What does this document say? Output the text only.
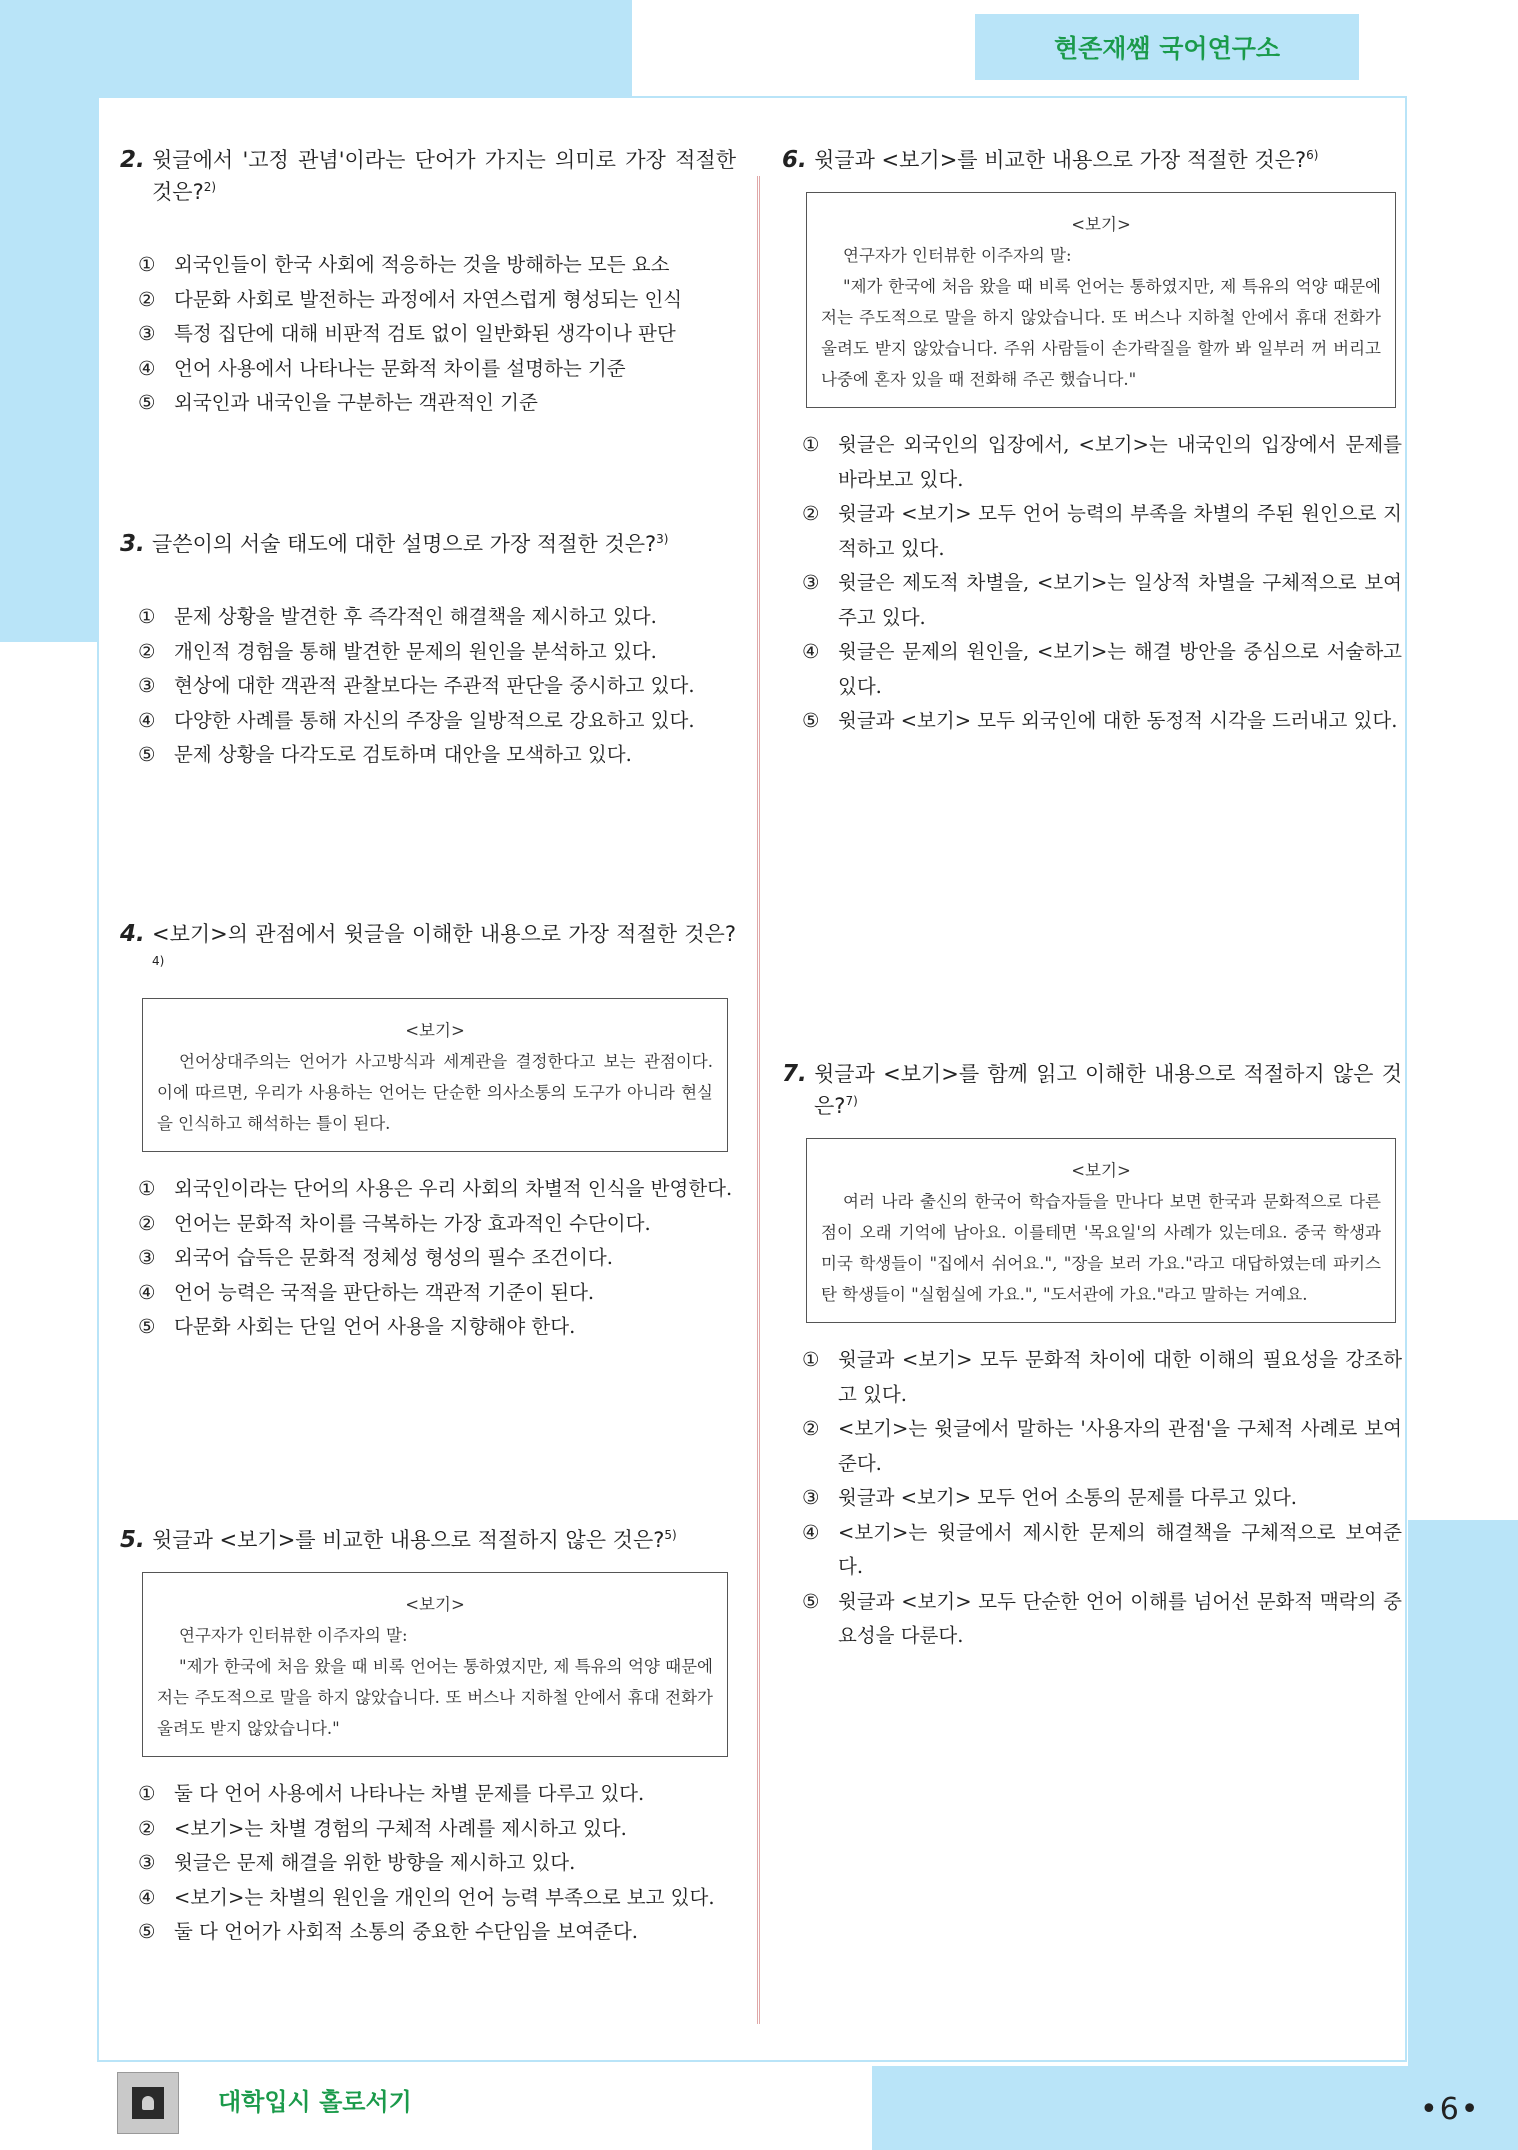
현존재쌤 국어연구소
2. 윗글에서 '고정 관념'이라는 단어가 가지는 의미로 가장 적절한 것은?$^{2)}$
① 외국인들이 한국 사회에 적응하는 것을 방해하는 모든 요소
② 다문화 사회로 발전하는 과정에서 자연스럽게 형성되는 인식
③ 특정 집단에 대해 비판적 검토 없이 일반화된 생각이나 판단
④ 언어 사용에서 나타나는 문화적 차이를 설명하는 기준
⑤ 외국인과 내국인을 구분하는 객관적인 기준
3. 글쓴이의 서술 태도에 대한 설명으로 가장 적절한 것은?$^{3)}$
① 문제 상황을 발견한 후 즉각적인 해결책을 제시하고 있다.
② 개인적 경험을 통해 발견한 문제의 원인을 분석하고 있다.
③ 현상에 대한 객관적 관찰보다는 주관적 판단을 중시하고 있다.
④ 다양한 사례를 통해 자신의 주장을 일방적으로 강요하고 있다.
⑤ 문제 상황을 다각도로 검토하며 대안을 모색하고 있다.
4. <보기>의 관점에서 윗글을 이해한 내용으로 가장 적절한 것은?$^{4)}$
<보기>
언어상대주의는 언어가 사고방식과 세계관을 결정한다고 보는 관점이다. 이에 따르면, 우리가 사용하는 언어는 단순한 의사소통의 도구가 아니라 현실을 인식하고 해석하는 틀이 된다.
① 외국인이라는 단어의 사용은 우리 사회의 차별적 인식을 반영한다.
② 언어는 문화적 차이를 극복하는 가장 효과적인 수단이다.
③ 외국어 습득은 문화적 정체성 형성의 필수 조건이다.
④ 언어 능력은 국적을 판단하는 객관적 기준이 된다.
⑤ 다문화 사회는 단일 언어 사용을 지향해야 한다.
5. 윗글과 <보기>를 비교한 내용으로 적절하지 않은 것은?$^{5)}$
<보기>
연구자가 인터뷰한 이주자의 말:
"제가 한국에 처음 왔을 때 비록 언어는 통하였지만, 제 특유의 억양 때문에 저는 주도적으로 말을 하지 않았습니다. 또 버스나 지하철 안에서 휴대 전화가 울려도 받지 않았습니다."
① 둘 다 언어 사용에서 나타나는 차별 문제를 다루고 있다.
② <보기>는 차별 경험의 구체적 사례를 제시하고 있다.
③ 윗글은 문제 해결을 위한 방향을 제시하고 있다.
④ <보기>는 차별의 원인을 개인의 언어 능력 부족으로 보고 있다.
⑤ 둘 다 언어가 사회적 소통의 중요한 수단임을 보여준다.
6. 윗글과 <보기>를 비교한 내용으로 가장 적절한 것은?$^{6)}$
<보기>
연구자가 인터뷰한 이주자의 말:
"제가 한국에 처음 왔을 때 비록 언어는 통하였지만, 제 특유의 억양 때문에 저는 주도적으로 말을 하지 않았습니다. 또 버스나 지하철 안에서 휴대 전화가 울려도 받지 않았습니다. 주위 사람들이 손가락질을 할까 봐 일부러 꺼 버리고 나중에 혼자 있을 때 전화해 주곤 했습니다."
① 윗글은 외국인의 입장에서, <보기>는 내국인의 입장에서 문제를 바라보고 있다.
② 윗글과 <보기> 모두 언어 능력의 부족을 차별의 주된 원인으로 지적하고 있다.
③ 윗글은 제도적 차별을, <보기>는 일상적 차별을 구체적으로 보여주고 있다.
④ 윗글은 문제의 원인을, <보기>는 해결 방안을 중심으로 서술하고 있다.
⑤ 윗글과 <보기> 모두 외국인에 대한 동정적 시각을 드러내고 있다.
7. 윗글과 <보기>를 함께 읽고 이해한 내용으로 적절하지 않은 것은?$^{7)}$
<보기>
여러 나라 출신의 한국어 학습자들을 만나다 보면 한국과 문화적으로 다른 점이 오래 기억에 남아요. 이를테면 '목요일'의 사례가 있는데요. 중국 학생과 미국 학생들이 "집에서 쉬어요.", "장을 보러 가요."라고 대답하였는데 파키스탄 학생들이 "실험실에 가요.", "도서관에 가요."라고 말하는 거예요.
① 윗글과 <보기> 모두 문화적 차이에 대한 이해의 필요성을 강조하고 있다.
② <보기>는 윗글에서 말하는 '사용자의 관점'을 구체적 사례로 보여준다.
③ 윗글과 <보기> 모두 언어 소통의 문제를 다루고 있다.
④ <보기>는 윗글에서 제시한 문제의 해결책을 구체적으로 보여준다.
⑤ 윗글과 <보기> 모두 단순한 언어 이해를 넘어선 문화적 맥락의 중요성을 다룬다.
대학입시 홀로서기	•6•
